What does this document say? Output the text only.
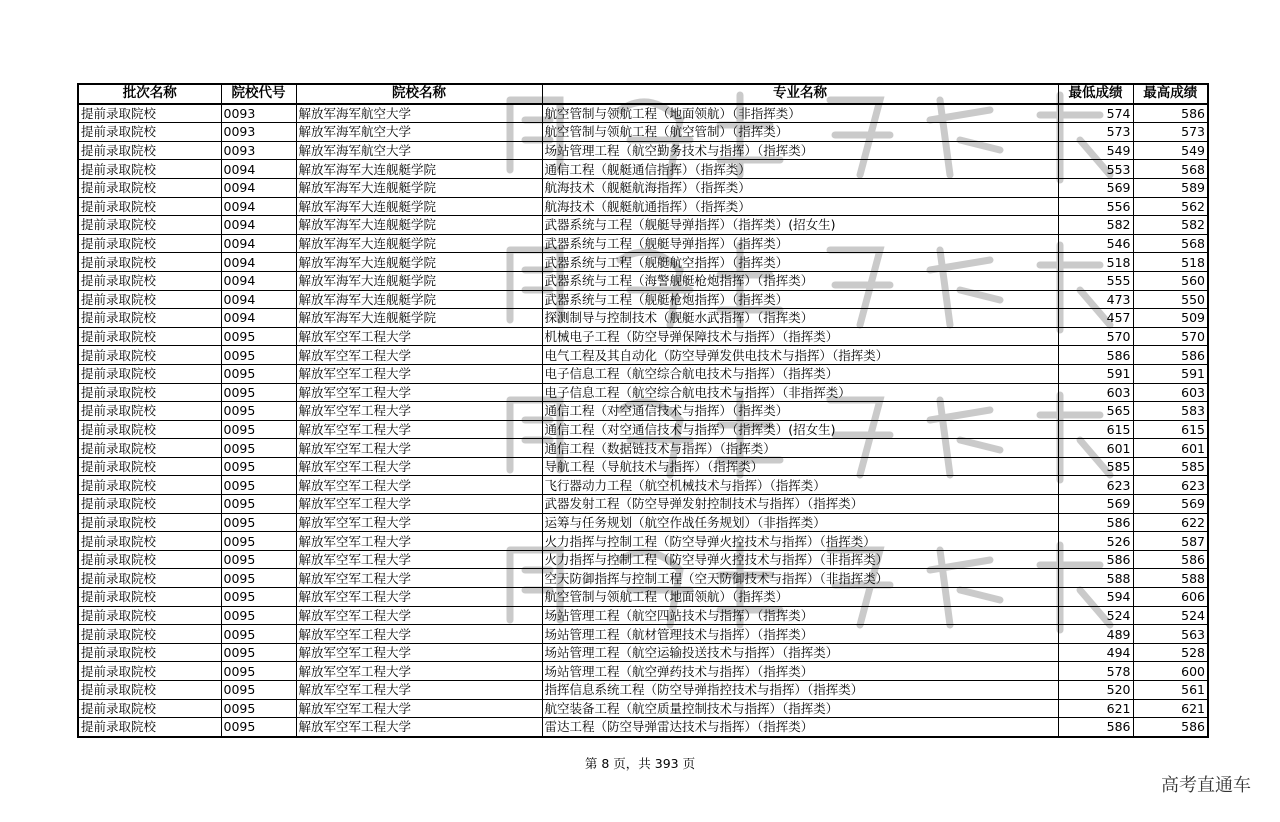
批次名称	院校代号	院校名称	专业名称	最低成绩	最高成绩
提前录取院校	0093	解放军海军航空大学	航空管制与领航工程（地面领航）（非指挥类）	574	586
提前录取院校	0093	解放军海军航空大学	航空管制与领航工程（航空管制）（指挥类）	573	573
提前录取院校	0093	解放军海军航空大学	场站管理工程（航空勤务技术与指挥）（指挥类）	549	549
提前录取院校	0094	解放军海军大连舰艇学院	通信工程（舰艇通信指挥）（指挥类）	553	568
提前录取院校	0094	解放军海军大连舰艇学院	航海技术（舰艇航海指挥）（指挥类）	569	589
提前录取院校	0094	解放军海军大连舰艇学院	航海技术（舰艇航通指挥）（指挥类）	556	562
提前录取院校	0094	解放军海军大连舰艇学院	武器系统与工程（舰艇导弹指挥）（指挥类）(招女生)	582	582
提前录取院校	0094	解放军海军大连舰艇学院	武器系统与工程（舰艇导弹指挥）（指挥类）	546	568
提前录取院校	0094	解放军海军大连舰艇学院	武器系统与工程（舰艇航空指挥）（指挥类）	518	518
提前录取院校	0094	解放军海军大连舰艇学院	武器系统与工程（海警舰艇枪炮指挥）（指挥类）	555	560
提前录取院校	0094	解放军海军大连舰艇学院	武器系统与工程（舰艇枪炮指挥）（指挥类）	473	550
提前录取院校	0094	解放军海军大连舰艇学院	探测制导与控制技术（舰艇水武指挥）（指挥类）	457	509
提前录取院校	0095	解放军空军工程大学	机械电子工程（防空导弹保障技术与指挥）（指挥类）	570	570
提前录取院校	0095	解放军空军工程大学	电气工程及其自动化（防空导弹发供电技术与指挥）（指挥类）	586	586
提前录取院校	0095	解放军空军工程大学	电子信息工程（航空综合航电技术与指挥）（指挥类）	591	591
提前录取院校	0095	解放军空军工程大学	电子信息工程（航空综合航电技术与指挥）（非指挥类）	603	603
提前录取院校	0095	解放军空军工程大学	通信工程（对空通信技术与指挥）（指挥类）	565	583
提前录取院校	0095	解放军空军工程大学	通信工程（对空通信技术与指挥）（指挥类）(招女生)	615	615
提前录取院校	0095	解放军空军工程大学	通信工程（数据链技术与指挥）（指挥类）	601	601
提前录取院校	0095	解放军空军工程大学	导航工程（导航技术与指挥）（指挥类）	585	585
提前录取院校	0095	解放军空军工程大学	飞行器动力工程（航空机械技术与指挥）（指挥类）	623	623
提前录取院校	0095	解放军空军工程大学	武器发射工程（防空导弹发射控制技术与指挥）（指挥类）	569	569
提前录取院校	0095	解放军空军工程大学	运筹与任务规划（航空作战任务规划）（非指挥类）	586	622
提前录取院校	0095	解放军空军工程大学	火力指挥与控制工程（防空导弹火控技术与指挥）（指挥类）	526	587
提前录取院校	0095	解放军空军工程大学	火力指挥与控制工程（防空导弹火控技术与指挥）（非指挥类）	586	586
提前录取院校	0095	解放军空军工程大学	空天防御指挥与控制工程（空天防御技术与指挥）（非指挥类）	588	588
提前录取院校	0095	解放军空军工程大学	航空管制与领航工程（地面领航）（指挥类）	594	606
提前录取院校	0095	解放军空军工程大学	场站管理工程（航空四站技术与指挥）（指挥类）	524	524
提前录取院校	0095	解放军空军工程大学	场站管理工程（航材管理技术与指挥）（指挥类）	489	563
提前录取院校	0095	解放军空军工程大学	场站管理工程（航空运输投送技术与指挥）（指挥类）	494	528
提前录取院校	0095	解放军空军工程大学	场站管理工程（航空弹药技术与指挥）（指挥类）	578	600
提前录取院校	0095	解放军空军工程大学	指挥信息系统工程（防空导弹指控技术与指挥）（指挥类）	520	561
提前录取院校	0095	解放军空军工程大学	航空装备工程（航空质量控制技术与指挥）（指挥类）	621	621
提前录取院校	0095	解放军空军工程大学	雷达工程（防空导弹雷达技术与指挥）（指挥类）	586	586
第 8 页，共 393 页
高考直通车
